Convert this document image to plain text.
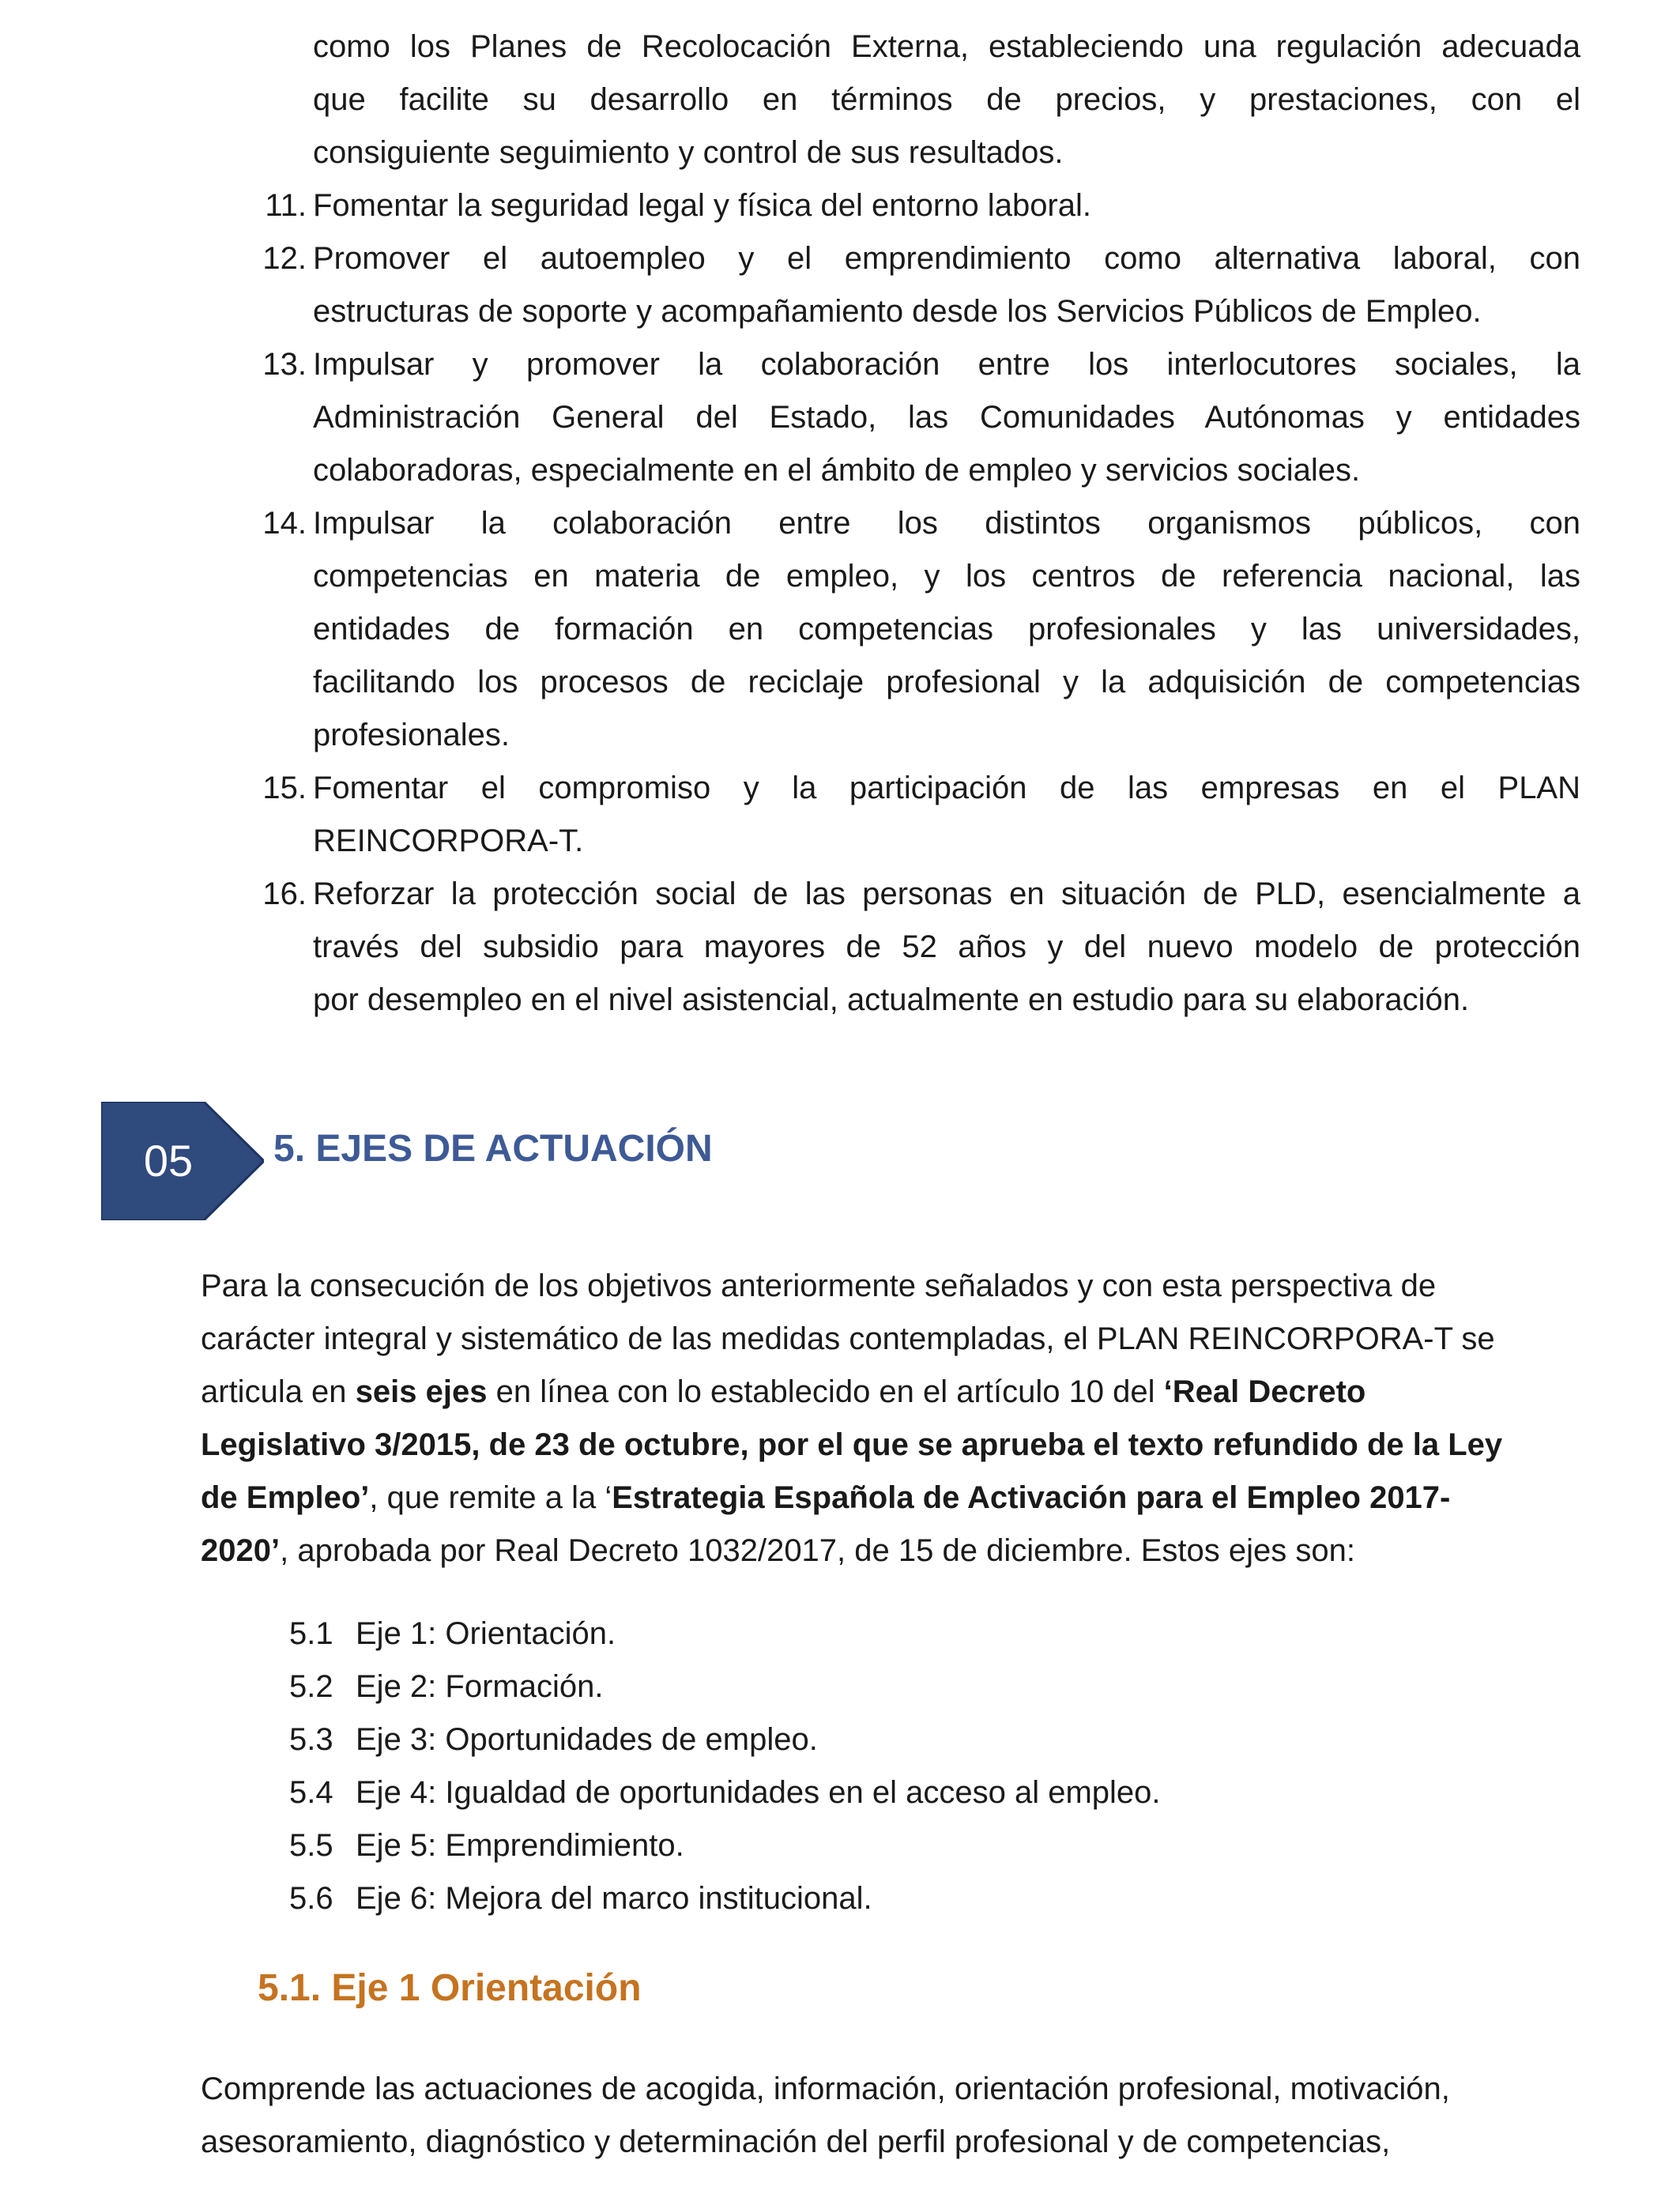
como los Planes de Recolocación Externa, estableciendo una regulación adecuada
que facilite su desarrollo en términos de precios, y prestaciones, con el
consiguiente seguimiento y control de sus resultados.
11. Fomentar la seguridad legal y física del entorno laboral.
12. Promover el autoempleo y el emprendimiento como alternativa laboral, con
estructuras de soporte y acompañamiento desde los Servicios Públicos de Empleo.
13. Impulsar y promover la colaboración entre los interlocutores sociales, la
Administración General del Estado, las Comunidades Autónomas y entidades
colaboradoras, especialmente en el ámbito de empleo y servicios sociales.
14. Impulsar la colaboración entre los distintos organismos públicos, con
competencias en materia de empleo, y los centros de referencia nacional, las
entidades de formación en competencias profesionales y las universidades,
facilitando los procesos de reciclaje profesional y la adquisición de competencias
profesionales.
15. Fomentar el compromiso y la participación de las empresas en el PLAN
REINCORPORA-T.
16. Reforzar la protección social de las personas en situación de PLD, esencialmente a
través del subsidio para mayores de 52 años y del nuevo modelo de protección
por desempleo en el nivel asistencial, actualmente en estudio para su elaboración.
05 5. EJES DE ACTUACIÓN
Para la consecución de los objetivos anteriormente señalados y con esta perspectiva de
carácter integral y sistemático de las medidas contempladas, el PLAN REINCORPORA-T se
articula en seis ejes en línea con lo establecido en el artículo 10 del ‘Real Decreto
Legislativo 3/2015, de 23 de octubre, por el que se aprueba el texto refundido de la Ley
de Empleo’, que remite a la ‘Estrategia Española de Activación para el Empleo 2017-
2020’, aprobada por Real Decreto 1032/2017, de 15 de diciembre. Estos ejes son:
5.1 Eje 1: Orientación.
5.2 Eje 2: Formación.
5.3 Eje 3: Oportunidades de empleo.
5.4 Eje 4: Igualdad de oportunidades en el acceso al empleo.
5.5 Eje 5: Emprendimiento.
5.6 Eje 6: Mejora del marco institucional.
5.1. Eje 1 Orientación
Comprende las actuaciones de acogida, información, orientación profesional, motivación,
asesoramiento, diagnóstico y determinación del perfil profesional y de competencias,
